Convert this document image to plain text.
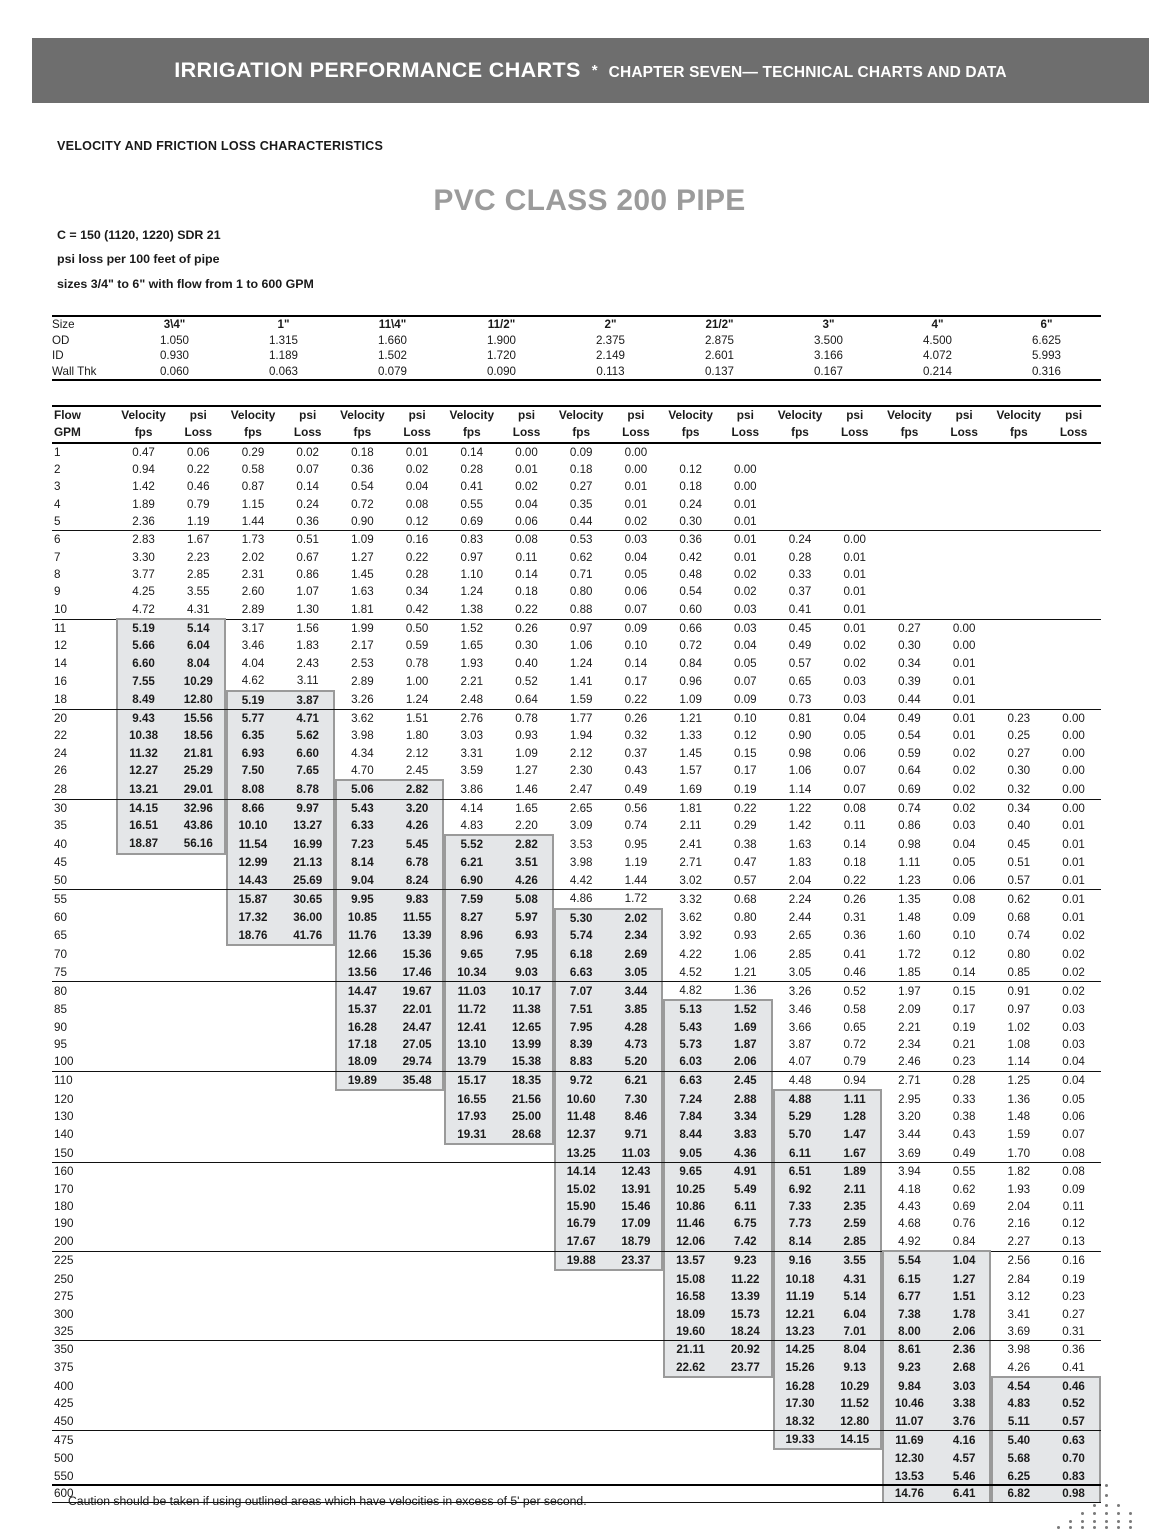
IRRIGATION PERFORMANCE CHARTS * CHAPTER SEVEN— TECHNICAL CHARTS AND DATA
VELOCITY AND FRICTION LOSS CHARACTERISTICS
PVC CLASS 200 PIPE
C = 150 (1120, 1220) SDR 21
psi loss per 100 feet of pipe
sizes 3/4" to 6" with flow from 1 to 600 GPM
Size	3\4"	1"	11\4"	11/2"	2"	21/2"	3"	4"	6"
OD	1.050	1.315	1.660	1.900	2.375	2.875	3.500	4.500	6.625
ID	0.930	1.189	1.502	1.720	2.149	2.601	3.166	4.072	5.993
Wall Thk	0.060	0.063	0.079	0.090	0.113	0.137	0.167	0.214	0.316
Flow	Velocity	psi	Velocity	psi	Velocity	psi	Velocity	psi	Velocity	psi	Velocity	psi	Velocity	psi	Velocity	psi	Velocity	psi
GPM	fps	Loss	fps	Loss	fps	Loss	fps	Loss	fps	Loss	fps	Loss	fps	Loss	fps	Loss	fps	Loss
1	0.47	0.06	0.29	0.02	0.18	0.01	0.14	0.00	0.09	0.00								
2	0.94	0.22	0.58	0.07	0.36	0.02	0.28	0.01	0.18	0.00	0.12	0.00						
3	1.42	0.46	0.87	0.14	0.54	0.04	0.41	0.02	0.27	0.01	0.18	0.00						
4	1.89	0.79	1.15	0.24	0.72	0.08	0.55	0.04	0.35	0.01	0.24	0.01						
5	2.36	1.19	1.44	0.36	0.90	0.12	0.69	0.06	0.44	0.02	0.30	0.01						
6	2.83	1.67	1.73	0.51	1.09	0.16	0.83	0.08	0.53	0.03	0.36	0.01	0.24	0.00				
7	3.30	2.23	2.02	0.67	1.27	0.22	0.97	0.11	0.62	0.04	0.42	0.01	0.28	0.01				
8	3.77	2.85	2.31	0.86	1.45	0.28	1.10	0.14	0.71	0.05	0.48	0.02	0.33	0.01				
9	4.25	3.55	2.60	1.07	1.63	0.34	1.24	0.18	0.80	0.06	0.54	0.02	0.37	0.01				
10	4.72	4.31	2.89	1.30	1.81	0.42	1.38	0.22	0.88	0.07	0.60	0.03	0.41	0.01				
11	5.19	5.14	3.17	1.56	1.99	0.50	1.52	0.26	0.97	0.09	0.66	0.03	0.45	0.01	0.27	0.00		
12	5.66	6.04	3.46	1.83	2.17	0.59	1.65	0.30	1.06	0.10	0.72	0.04	0.49	0.02	0.30	0.00		
14	6.60	8.04	4.04	2.43	2.53	0.78	1.93	0.40	1.24	0.14	0.84	0.05	0.57	0.02	0.34	0.01		
16	7.55	10.29	4.62	3.11	2.89	1.00	2.21	0.52	1.41	0.17	0.96	0.07	0.65	0.03	0.39	0.01		
18	8.49	12.80	5.19	3.87	3.26	1.24	2.48	0.64	1.59	0.22	1.09	0.09	0.73	0.03	0.44	0.01		
20	9.43	15.56	5.77	4.71	3.62	1.51	2.76	0.78	1.77	0.26	1.21	0.10	0.81	0.04	0.49	0.01	0.23	0.00
22	10.38	18.56	6.35	5.62	3.98	1.80	3.03	0.93	1.94	0.32	1.33	0.12	0.90	0.05	0.54	0.01	0.25	0.00
24	11.32	21.81	6.93	6.60	4.34	2.12	3.31	1.09	2.12	0.37	1.45	0.15	0.98	0.06	0.59	0.02	0.27	0.00
26	12.27	25.29	7.50	7.65	4.70	2.45	3.59	1.27	2.30	0.43	1.57	0.17	1.06	0.07	0.64	0.02	0.30	0.00
28	13.21	29.01	8.08	8.78	5.06	2.82	3.86	1.46	2.47	0.49	1.69	0.19	1.14	0.07	0.69	0.02	0.32	0.00
30	14.15	32.96	8.66	9.97	5.43	3.20	4.14	1.65	2.65	0.56	1.81	0.22	1.22	0.08	0.74	0.02	0.34	0.00
35	16.51	43.86	10.10	13.27	6.33	4.26	4.83	2.20	3.09	0.74	2.11	0.29	1.42	0.11	0.86	0.03	0.40	0.01
40	18.87	56.16	11.54	16.99	7.23	5.45	5.52	2.82	3.53	0.95	2.41	0.38	1.63	0.14	0.98	0.04	0.45	0.01
45			12.99	21.13	8.14	6.78	6.21	3.51	3.98	1.19	2.71	0.47	1.83	0.18	1.11	0.05	0.51	0.01
50			14.43	25.69	9.04	8.24	6.90	4.26	4.42	1.44	3.02	0.57	2.04	0.22	1.23	0.06	0.57	0.01
55			15.87	30.65	9.95	9.83	7.59	5.08	4.86	1.72	3.32	0.68	2.24	0.26	1.35	0.08	0.62	0.01
60			17.32	36.00	10.85	11.55	8.27	5.97	5.30	2.02	3.62	0.80	2.44	0.31	1.48	0.09	0.68	0.01
65			18.76	41.76	11.76	13.39	8.96	6.93	5.74	2.34	3.92	0.93	2.65	0.36	1.60	0.10	0.74	0.02
70					12.66	15.36	9.65	7.95	6.18	2.69	4.22	1.06	2.85	0.41	1.72	0.12	0.80	0.02
75					13.56	17.46	10.34	9.03	6.63	3.05	4.52	1.21	3.05	0.46	1.85	0.14	0.85	0.02
80					14.47	19.67	11.03	10.17	7.07	3.44	4.82	1.36	3.26	0.52	1.97	0.15	0.91	0.02
85					15.37	22.01	11.72	11.38	7.51	3.85	5.13	1.52	3.46	0.58	2.09	0.17	0.97	0.03
90					16.28	24.47	12.41	12.65	7.95	4.28	5.43	1.69	3.66	0.65	2.21	0.19	1.02	0.03
95					17.18	27.05	13.10	13.99	8.39	4.73	5.73	1.87	3.87	0.72	2.34	0.21	1.08	0.03
100					18.09	29.74	13.79	15.38	8.83	5.20	6.03	2.06	4.07	0.79	2.46	0.23	1.14	0.04
110					19.89	35.48	15.17	18.35	9.72	6.21	6.63	2.45	4.48	0.94	2.71	0.28	1.25	0.04
120							16.55	21.56	10.60	7.30	7.24	2.88	4.88	1.11	2.95	0.33	1.36	0.05
130							17.93	25.00	11.48	8.46	7.84	3.34	5.29	1.28	3.20	0.38	1.48	0.06
140							19.31	28.68	12.37	9.71	8.44	3.83	5.70	1.47	3.44	0.43	1.59	0.07
150									13.25	11.03	9.05	4.36	6.11	1.67	3.69	0.49	1.70	0.08
160									14.14	12.43	9.65	4.91	6.51	1.89	3.94	0.55	1.82	0.08
170									15.02	13.91	10.25	5.49	6.92	2.11	4.18	0.62	1.93	0.09
180									15.90	15.46	10.86	6.11	7.33	2.35	4.43	0.69	2.04	0.11
190									16.79	17.09	11.46	6.75	7.73	2.59	4.68	0.76	2.16	0.12
200									17.67	18.79	12.06	7.42	8.14	2.85	4.92	0.84	2.27	0.13
225									19.88	23.37	13.57	9.23	9.16	3.55	5.54	1.04	2.56	0.16
250											15.08	11.22	10.18	4.31	6.15	1.27	2.84	0.19
275											16.58	13.39	11.19	5.14	6.77	1.51	3.12	0.23
300											18.09	15.73	12.21	6.04	7.38	1.78	3.41	0.27
325											19.60	18.24	13.23	7.01	8.00	2.06	3.69	0.31
350											21.11	20.92	14.25	8.04	8.61	2.36	3.98	0.36
375											22.62	23.77	15.26	9.13	9.23	2.68	4.26	0.41
400													16.28	10.29	9.84	3.03	4.54	0.46
425													17.30	11.52	10.46	3.38	4.83	0.52
450													18.32	12.80	11.07	3.76	5.11	0.57
475													19.33	14.15	11.69	4.16	5.40	0.63
500															12.30	4.57	5.68	0.70
550															13.53	5.46	6.25	0.83
600															14.76	6.41	6.82	0.98
Caution should be taken if using outlined areas which have velocities in excess of 5' per second.
